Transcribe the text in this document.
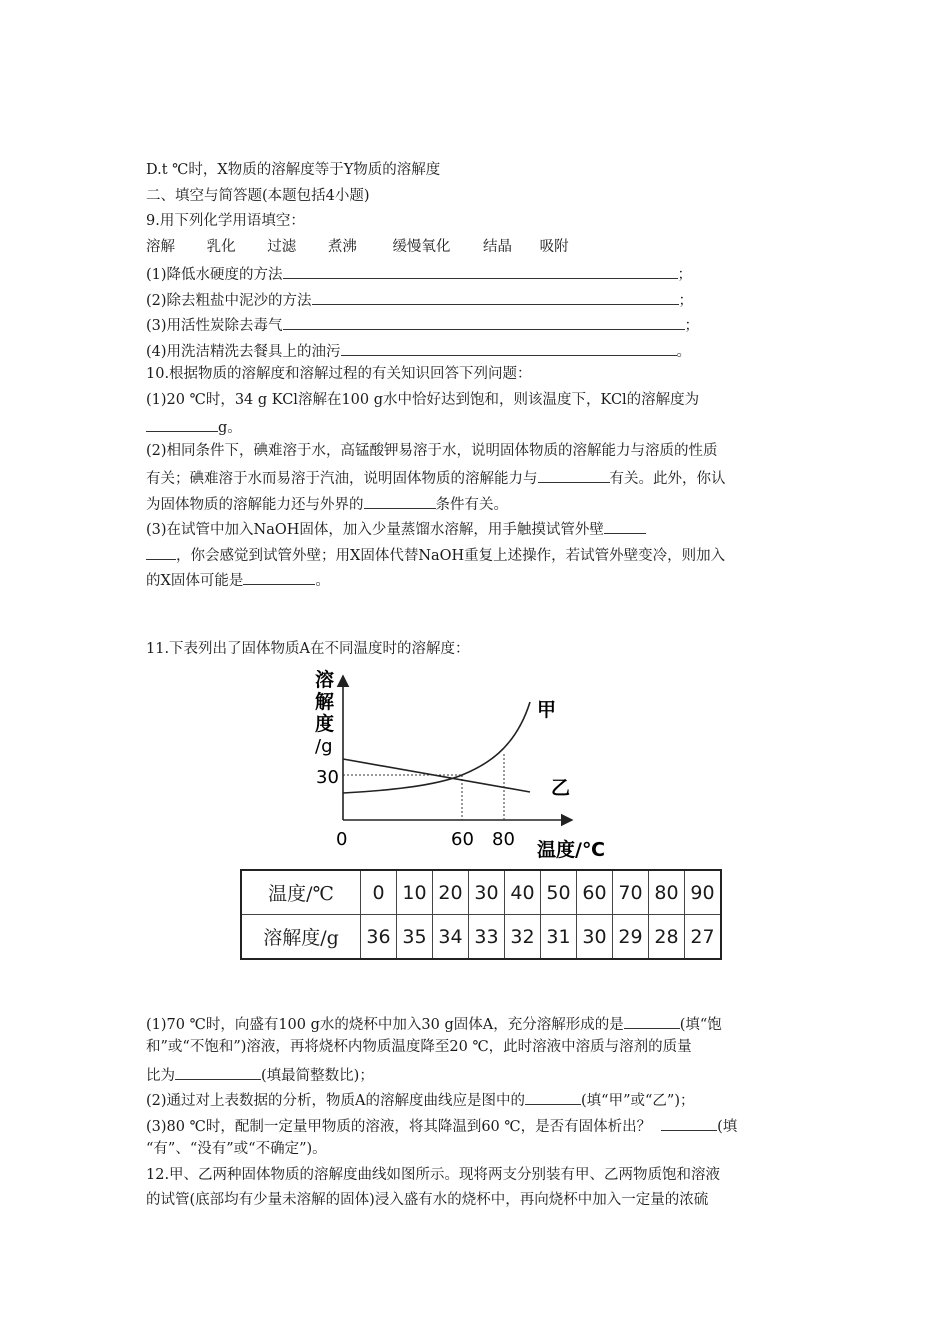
D.t ℃时，X物质的溶解度等于Y物质的溶解度
二、填空与简答题(本题包括4小题)
9.用下列化学用语填空：
溶解 乳化 过滤 煮沸 缓慢氧化 结晶 吸附
(1)降低水硬度的方法	；
(2)除去粗盐中泥沙的方法	；
(3)用活性炭除去毒气	；
(4)用洗洁精洗去餐具上的油污	。
10.根据物质的溶解度和溶解过程的有关知识回答下列问题：
(1)20 ℃时，34 g KCl溶解在100 g水中恰好达到饱和，则该温度下，KCl的溶解度为
g。
(2)相同条件下，碘难溶于水，高锰酸钾易溶于水，说明固体物质的溶解能力与溶质的性质
有关；碘难溶于水而易溶于汽油，说明固体物质的溶解能力与	有关。此外，你认
为固体物质的溶解能力还与外界的	条件有关。
(3)在试管中加入NaOH固体，加入少量蒸馏水溶解，用手触摸试管外壁
，你会感觉到试管外壁；用X固体代替NaOH重复上述操作，若试管外壁变冷，则加入
的X固体可能是	。
11.下表列出了固体物质A在不同温度时的溶解度：
溶
解
度
/g
30
0	60 80 温度/℃
甲
乙
温度/℃	0	10	20	30	40	50	60	70	80	90
溶解度/g	36	35	34	33	32	31	30	29	28	27
(1)70 ℃时，向盛有100 g水的烧杯中加入30 g固体A，充分溶解形成的是	(填“饱
和”或“不饱和”)溶液，再将烧杯内物质温度降至20 ℃，此时溶液中溶质与溶剂的质量
比为	(填最简整数比)；
(2)通过对上表数据的分析，物质A的溶解度曲线应是图中的	(填“甲”或“乙”)；
(3)80 ℃时，配制一定量甲物质的溶液，将其降温到60 ℃，是否有固体析出？	(填
“有”、“没有”或“不确定”)。
12.甲、乙两种固体物质的溶解度曲线如图所示。现将两支分别装有甲、乙两物质饱和溶液
的试管(底部均有少量未溶解的固体)浸入盛有水的烧杯中，再向烧杯中加入一定量的浓硫
